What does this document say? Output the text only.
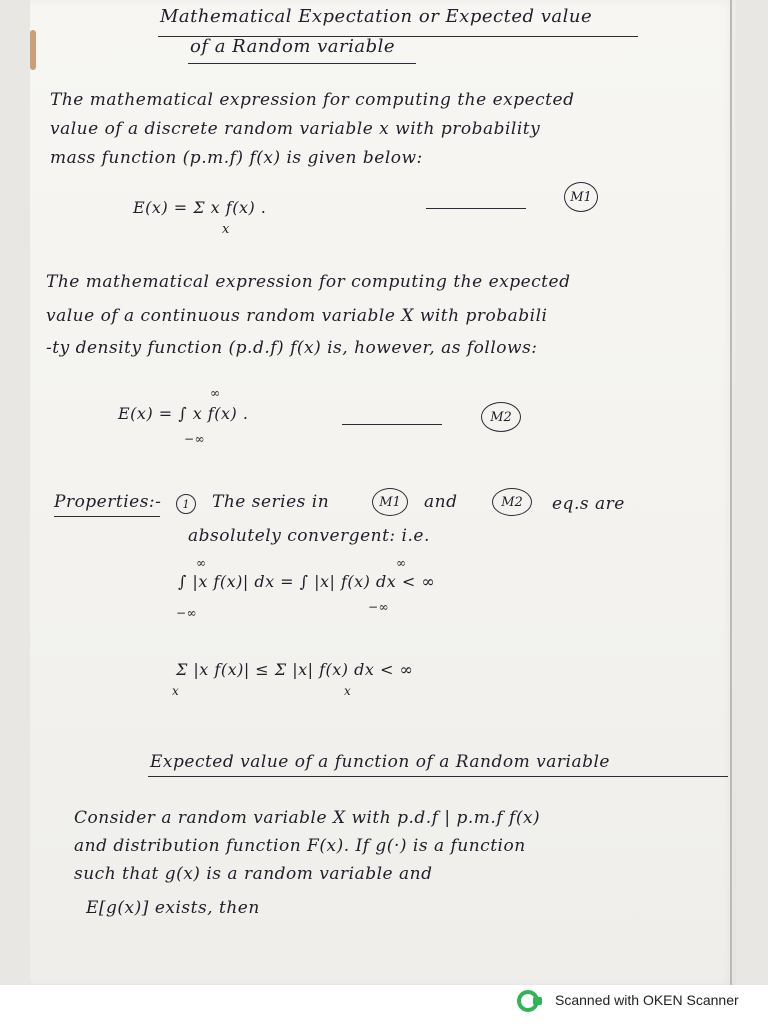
Mathematical Expectation or Expected value
of a Random variable
The mathematical expression for computing the expected
value of a discrete random variable x with probability
mass function (p.m.f) f(x) is given below:
E(x) = Σ x f(x) .
x
M1
The mathematical expression for computing the expected
value of a continuous random variable X with probabili
-ty density function (p.d.f) f(x) is, however, as follows:
E(x) = ∫ x f(x) .
∞
−∞
M2
Properties:-	1	The series in	M1	and	M2	eq.s are
absolutely convergent: i.e.
∫ |x f(x)| dx = ∫ |x| f(x) dx < ∞
∞
−∞
∞
−∞
Σ |x f(x)| ≤ Σ |x| f(x) dx < ∞
x	x
Expected value of a function of a Random variable
Consider a random variable X with p.d.f | p.m.f f(x)
and distribution function F(x). If g(·) is a function
such that g(x) is a random variable and
E[g(x)] exists, then
Scanned with OKEN Scanner
